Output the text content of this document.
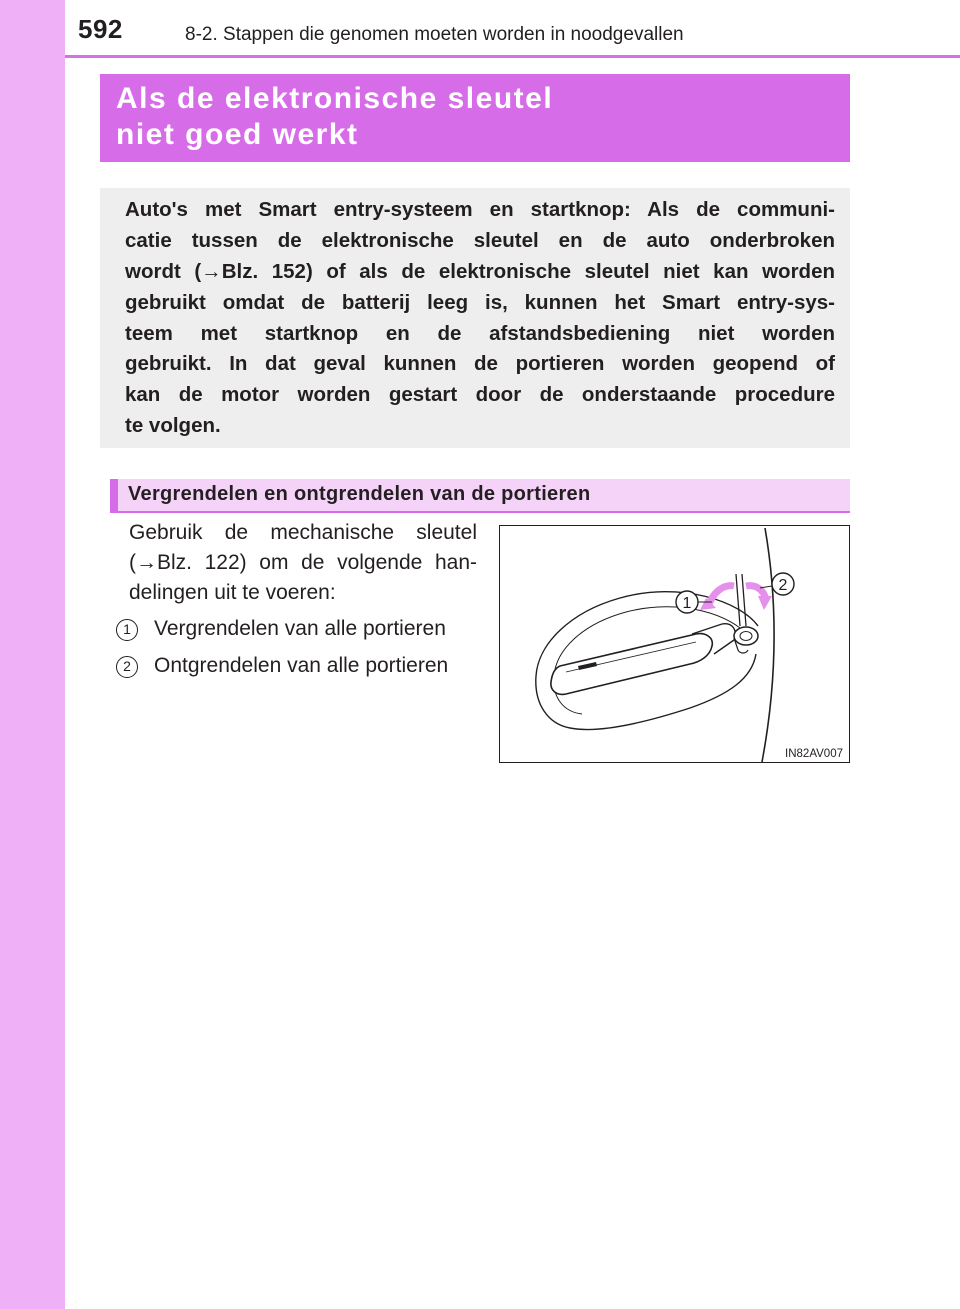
592	8-2. Stappen die genomen moeten worden in noodgevallen
Als de elektronische sleutel
niet goed werkt
Auto's met Smart entry-systeem en startknop: Als de communi-
catie tussen de elektronische sleutel en de auto onderbroken
wordt (→Blz. 152) of als de elektronische sleutel niet kan worden
gebruikt omdat de batterij leeg is, kunnen het Smart entry-sys-
teem met startknop en de afstandsbediening niet worden
gebruikt. In dat geval kunnen de portieren worden geopend of
kan de motor worden gestart door de onderstaande procedure
te volgen.
Vergrendelen en ontgrendelen van de portieren
Gebruik de mechanische sleutel
(→Blz. 122) om de volgende han-
delingen uit te voeren:
1	Vergrendelen van alle portieren
2	Ontgrendelen van alle portieren
1
2
IN82AV007
